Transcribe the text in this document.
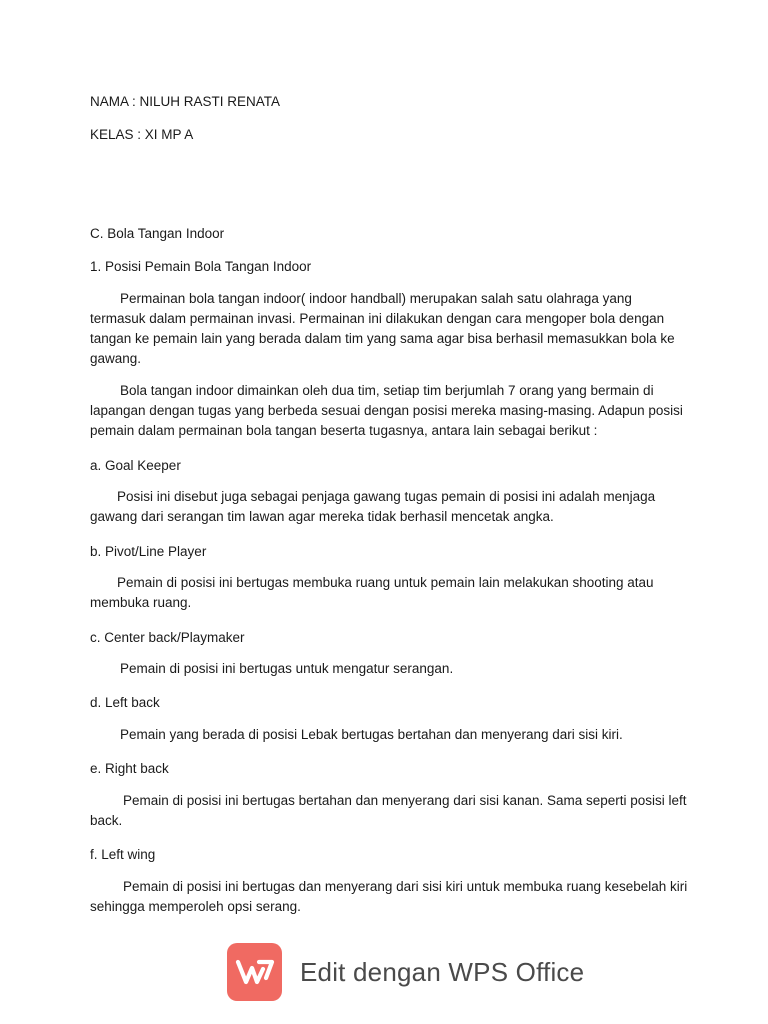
NAMA : NILUH RASTI RENATA

KELAS : XI MP A

C. Bola Tangan Indoor

1. Posisi Pemain Bola Tangan Indoor

Permainan bola tangan indoor( indoor handball) merupakan salah satu olahraga yang termasuk dalam permainan invasi. Permainan ini dilakukan dengan cara mengoper bola dengan tangan ke pemain lain yang berada dalam tim yang sama agar bisa berhasil memasukkan bola ke gawang.

Bola tangan indoor dimainkan oleh dua tim, setiap tim berjumlah 7 orang yang bermain di lapangan dengan tugas yang berbeda sesuai dengan posisi mereka masing-masing. Adapun posisi pemain dalam permainan bola tangan beserta tugasnya, antara lain sebagai berikut :

a. Goal Keeper

Posisi ini disebut juga sebagai penjaga gawang tugas pemain di posisi ini adalah menjaga gawang dari serangan tim lawan agar mereka tidak berhasil mencetak angka.

b. Pivot/Line Player

Pemain di posisi ini bertugas membuka ruang untuk pemain lain melakukan shooting atau membuka ruang.

c. Center back/Playmaker

Pemain di posisi ini bertugas untuk mengatur serangan.

d. Left back

Pemain yang berada di posisi Lebak bertugas bertahan dan menyerang dari sisi kiri.

e. Right back

Pemain di posisi ini bertugas bertahan dan menyerang dari sisi kanan. Sama seperti posisi left back.

f. Left wing

Pemain di posisi ini bertugas dan menyerang dari sisi kiri untuk membuka ruang kesebelah kiri sehingga memperoleh opsi serang.

Edit dengan WPS Office
